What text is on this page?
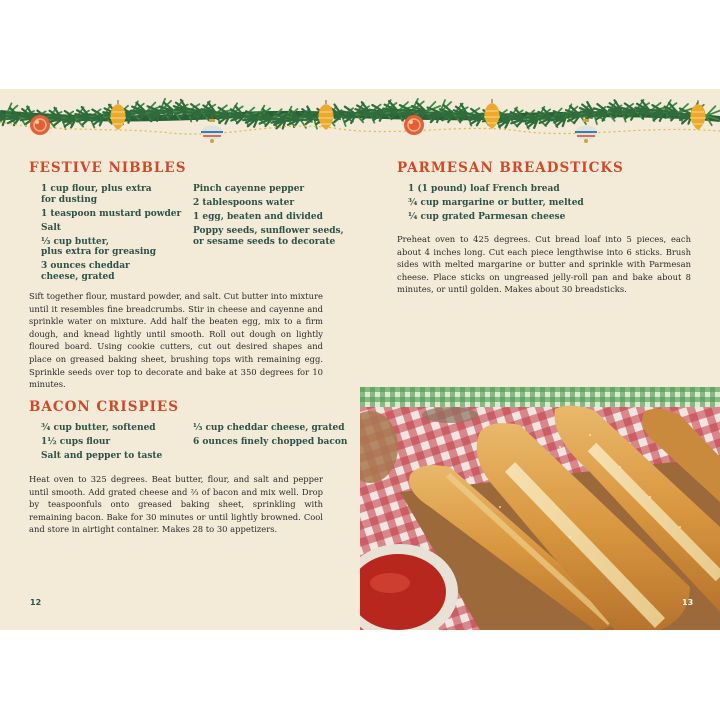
FESTIVE NIBBLES
1 cup flour, plus extra
for dusting
1 teaspoon mustard powder
Salt
⅓ cup butter,
plus extra for greasing
3 ounces cheddar
cheese, grated
Pinch cayenne pepper
2 tablespoons water
1 egg, beaten and divided
Poppy seeds, sunflower seeds,
or sesame seeds to decorate

Sift together flour, mustard powder, and salt. Cut butter into mixture until it resembles fine breadcrumbs. Stir in cheese and cayenne and sprinkle water on mixture. Add half the beaten egg, mix to a firm dough, and knead lightly until smooth. Roll out dough on lightly floured board. Using cookie cutters, cut out desired shapes and place on greased baking sheet, brushing tops with remaining egg. Sprinkle seeds over top to decorate and bake at 350 degrees for 10 minutes.

BACON CRISPIES
¾ cup butter, softened
1½ cups flour
Salt and pepper to taste
⅓ cup cheddar cheese, grated
6 ounces finely chopped bacon

Heat oven to 325 degrees. Beat butter, flour, and salt and pepper until smooth. Add grated cheese and ⅔ of bacon and mix well. Drop by teaspoonfuls onto greased baking sheet, sprinkling with remaining bacon. Bake for 30 minutes or until lightly browned. Cool and store in airtight container. Makes 28 to 30 appetizers.

12
PARMESAN BREADSTICKS
1 (1 pound) loaf French bread
¾ cup margarine or butter, melted
¼ cup grated Parmesan cheese

Preheat oven to 425 degrees. Cut bread loaf into 5 pieces, each about 4 inches long. Cut each piece lengthwise into 6 sticks. Brush sides with melted margarine or butter and sprinkle with Parmesan cheese. Place sticks on ungreased jelly-roll pan and bake about 8 minutes, or until golden. Makes about 30 breadsticks.

13
